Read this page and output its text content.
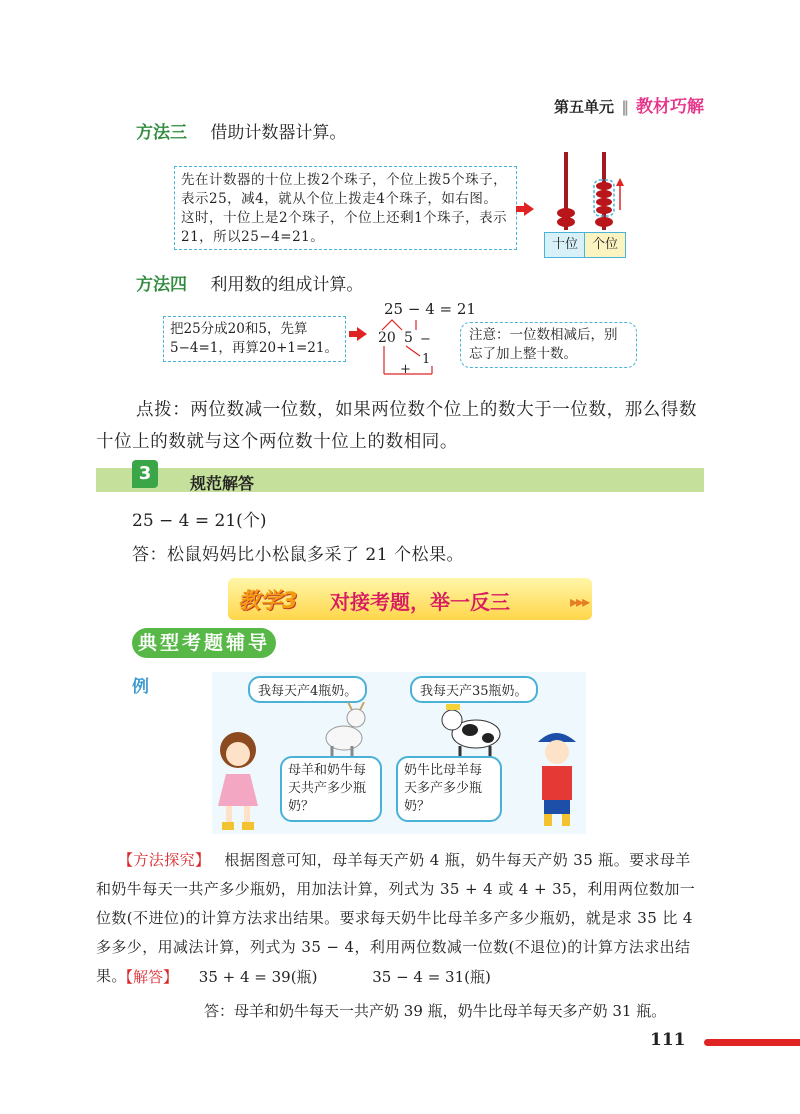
第五单元 ‖ 教材巧解
方法三 借助计数器计算。
先在计数器的十位上拨2个珠子，个位上拨5个珠子，表示25，减4，就从个位上拨走4个珠子，如右图。这时，十位上是2个珠子，个位上还剩1个珠子，表示21，所以25−4=21。	十位	个位
方法四 利用数的组成计算。
把25分成20和5，先算5−4=1，再算20+1=21。
25 − 4 = 21
20 5 −
1
+
注意：一位数相减后，别忘了加上整十数。
点拨：两位数减一位数，如果两位数个位上的数大于一位数，那么得数十位上的数就与这个两位数十位上的数相同。
3	规范解答
25 − 4 = 21(个)
答：松鼠妈妈比小松鼠多采了 21 个松果。
教学3 对接考题，举一反三	▸▸▸
典型考题辅导
例	我每天产4瓶奶。	我每天产35瓶奶。
母羊和奶牛每天共产多少瓶奶？
奶牛比母羊每天多产多少瓶奶？
【方法探究】 根据图意可知，母羊每天产奶 4 瓶，奶牛每天产奶 35 瓶。要求母羊和奶牛每天一共产多少瓶奶，用加法计算，列式为 35 + 4 或 4 + 35，利用两位数加一位数(不进位)的计算方法求出结果。要求每天奶牛比母羊多产多少瓶奶，就是求 35 比 4 多多少，用减法计算，列式为 35 − 4，利用两位数减一位数(不退位)的计算方法求出结果。
【解答】 35 + 4 = 39(瓶)	35 − 4 = 31(瓶)
答：母羊和奶牛每天一共产奶 39 瓶，奶牛比母羊每天多产奶 31 瓶。
111
